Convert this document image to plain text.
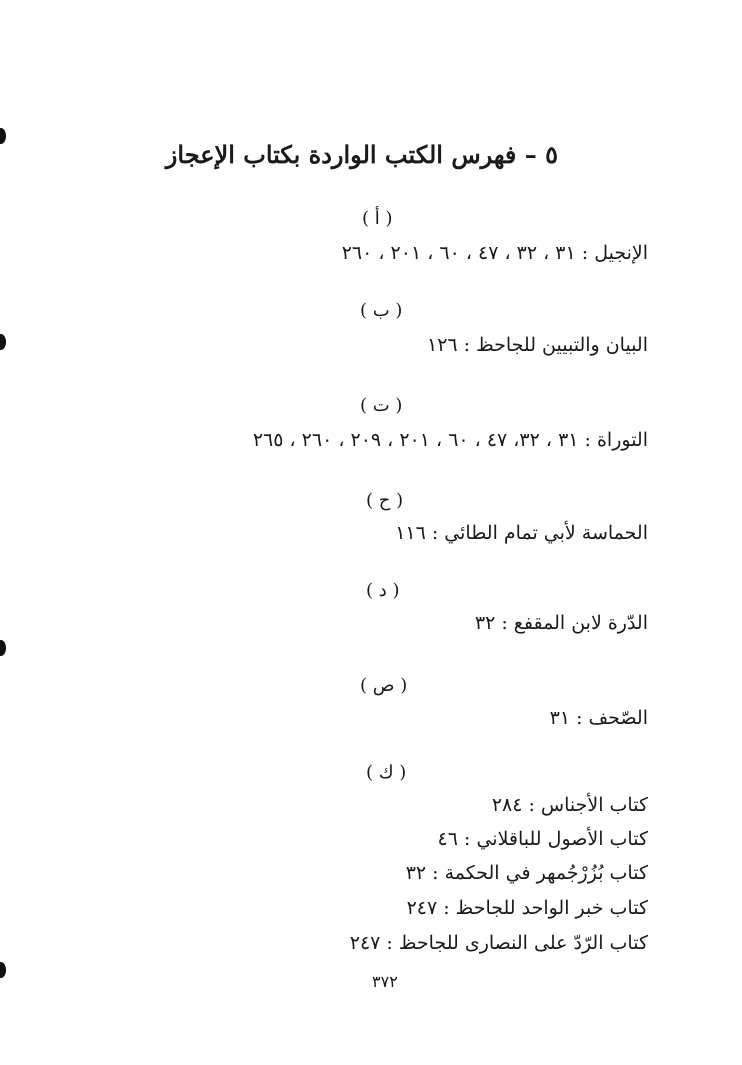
٥ – فهرس الكتب الواردة بكتاب الإعجاز
( أ )
الإنجيل : ٣١ ، ٣٢ ، ٤٧ ، ٦٠ ، ٢٠١ ، ٢٦٠
( ب )
البيان والتبيين للجاحظ : ١٢٦
( ت )
التوراة : ٣١ ، ٣٢، ٤٧ ، ٦٠ ، ٢٠١ ، ٢٠٩ ، ٢٦٠ ، ٢٦٥
( ح )
الحماسة لأبي تمام الطائي : ١١٦
( د )
الدّرة لابن المقفع : ٣٢
( ص )
الصّحف : ٣١
( ك )
كتاب الأجناس : ٢٨٤
كتاب الأصول للباقلاني : ٤٦
كتاب بُزُرْجُمهر في الحكمة : ٣٢
كتاب خبر الواحد للجاحظ : ٢٤٧
كتاب الرّدّ على النصارى للجاحظ : ٢٤٧
٣٧٢
